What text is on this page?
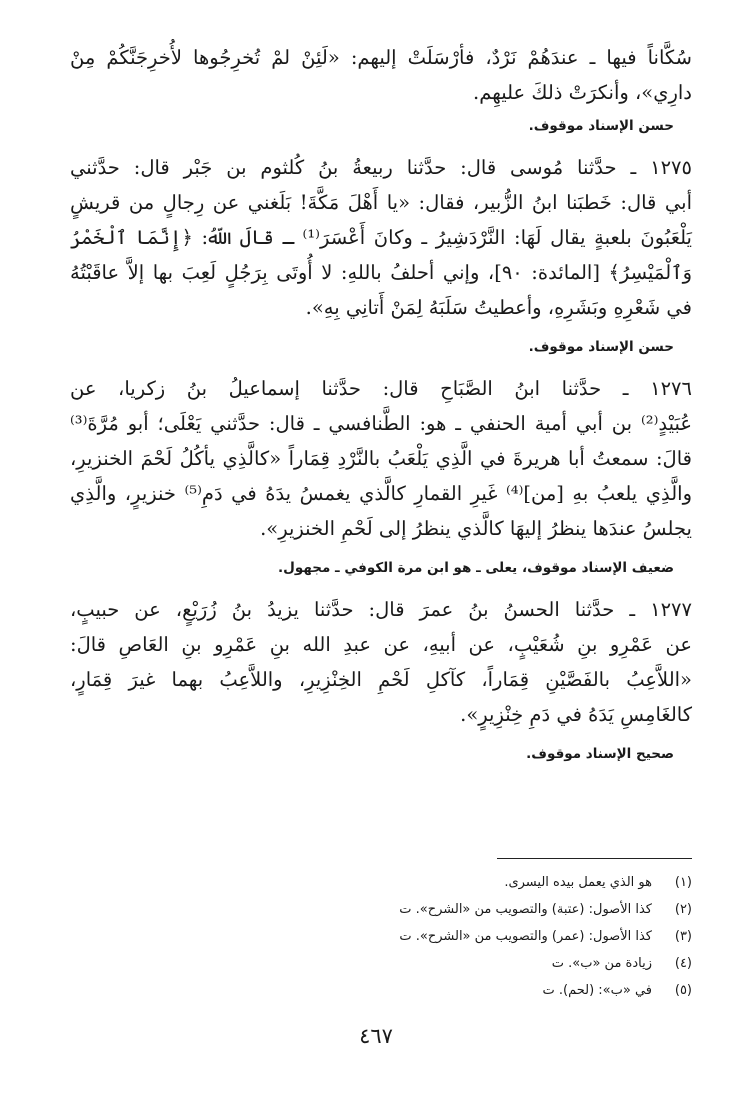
سُكَّاناً فيها ـ عندَهُمْ نَرْدٌ، فأرْسَلَتْ إليهم: «لَئِنْ لمْ تُخرِجُوها لأُخرِجَنَّكُمْ مِنْ
دارِي»، وأنكرَتْ ذلكَ عليهِم.
حسن الإسناد موقوف.
١٢٧٥ ـ حدَّثنا مُوسى قال: حدَّثنا ربيعةُ بنُ كُلثوم بن جَبْر قال: حدَّثني
أبي قال: خَطبَنا ابنُ الزُّبير، فقال: «يا أَهْلَ مَكَّةَ! بَلَغني عن رِجالٍ من قريشٍ
يَلْعَبُونَ بلعبةٍ يقال لَهَا: النَّرْدَشِيرُ ـ وكانَ أَعْسَرَ⁽¹⁾ ـ قالَ اللّهُ: ﴿إِنَّمَا ٱلْخَمْرُ
وَٱلْمَيْسِرُ﴾ [المائدة: ٩٠]، وإني أحلفُ باللهِ: لا أُوتَى بِرَجُلٍ لَعِبَ بها إلاَّ عاقَبْتُهُ
في شَعْرِهِ وبَشَرِهِ، وأعطيتُ سَلَبَهُ لِمَنْ أَتانِي بِهِ».
حسن الإسناد موقوف.
١٢٧٦ ـ حدَّثنا ابنُ الصَّبَاحِ قال: حدَّثنا إسماعيلُ بنُ زكريا، عن
عُبَيْدٍ⁽²⁾ بن أبي أمية الحنفي ـ هو: الطَّنافسي ـ قال: حدَّثني يَعْلَى؛ أبو مُرَّةَ⁽³⁾
قالَ: سمعتُ أبا هريرةَ في الَّذِي يَلْعَبُ بالنَّرْدِ قِمَاراً «كالَّذِي يأكُلُ لَحْمَ الخنزيرِ،
والَّذِي يلعبُ بهِ [من]⁽⁴⁾ غَيرِ القمارِ كالَّذي يغمسُ يدَهُ في دَمِ⁽⁵⁾ خنزيرٍ، والَّذِي
يجلسُ عندَها ينظرُ إليهَا كالَّذي ينظرُ إلى لَحْمِ الخنزيرِ».
ضعيف الإسناد موقوف، يعلى ـ هو ابن مرة الكوفي ـ مجهول.
١٢٧٧ ـ حدَّثنا الحسنُ بنُ عمرَ قال: حدَّثنا يزيدُ بنُ زُرَيْعٍ، عن حبيبٍ،
عن عَمْرِو بنِ شُعَيْبٍ، عن أبيهِ، عن عبدِ الله بنِ عَمْرِو بنِ العَاصِ قالَ:
«اللاَّعِبُ بالفَصَّيْنِ قِمَاراً، كآكلِ لَحْمِ الخِنْزِيرِ، واللاَّعِبُ بهما غيرَ قِمَارٍ،
كالغَامِسِ يَدَهُ في دَمِ خِنْزِيرٍ».
صحيح الإسناد موقوف.
(١)هو الذي يعمل بيده اليسرى.
(٢)كذا الأصول: (عتبة) والتصويب من «الشرح». ت
(٣)كذا الأصول: (عمر) والتصويب من «الشرح». ت
(٤)زيادة من «ب». ت
(٥)في «ب»: (لحم). ت
٤٦٧
